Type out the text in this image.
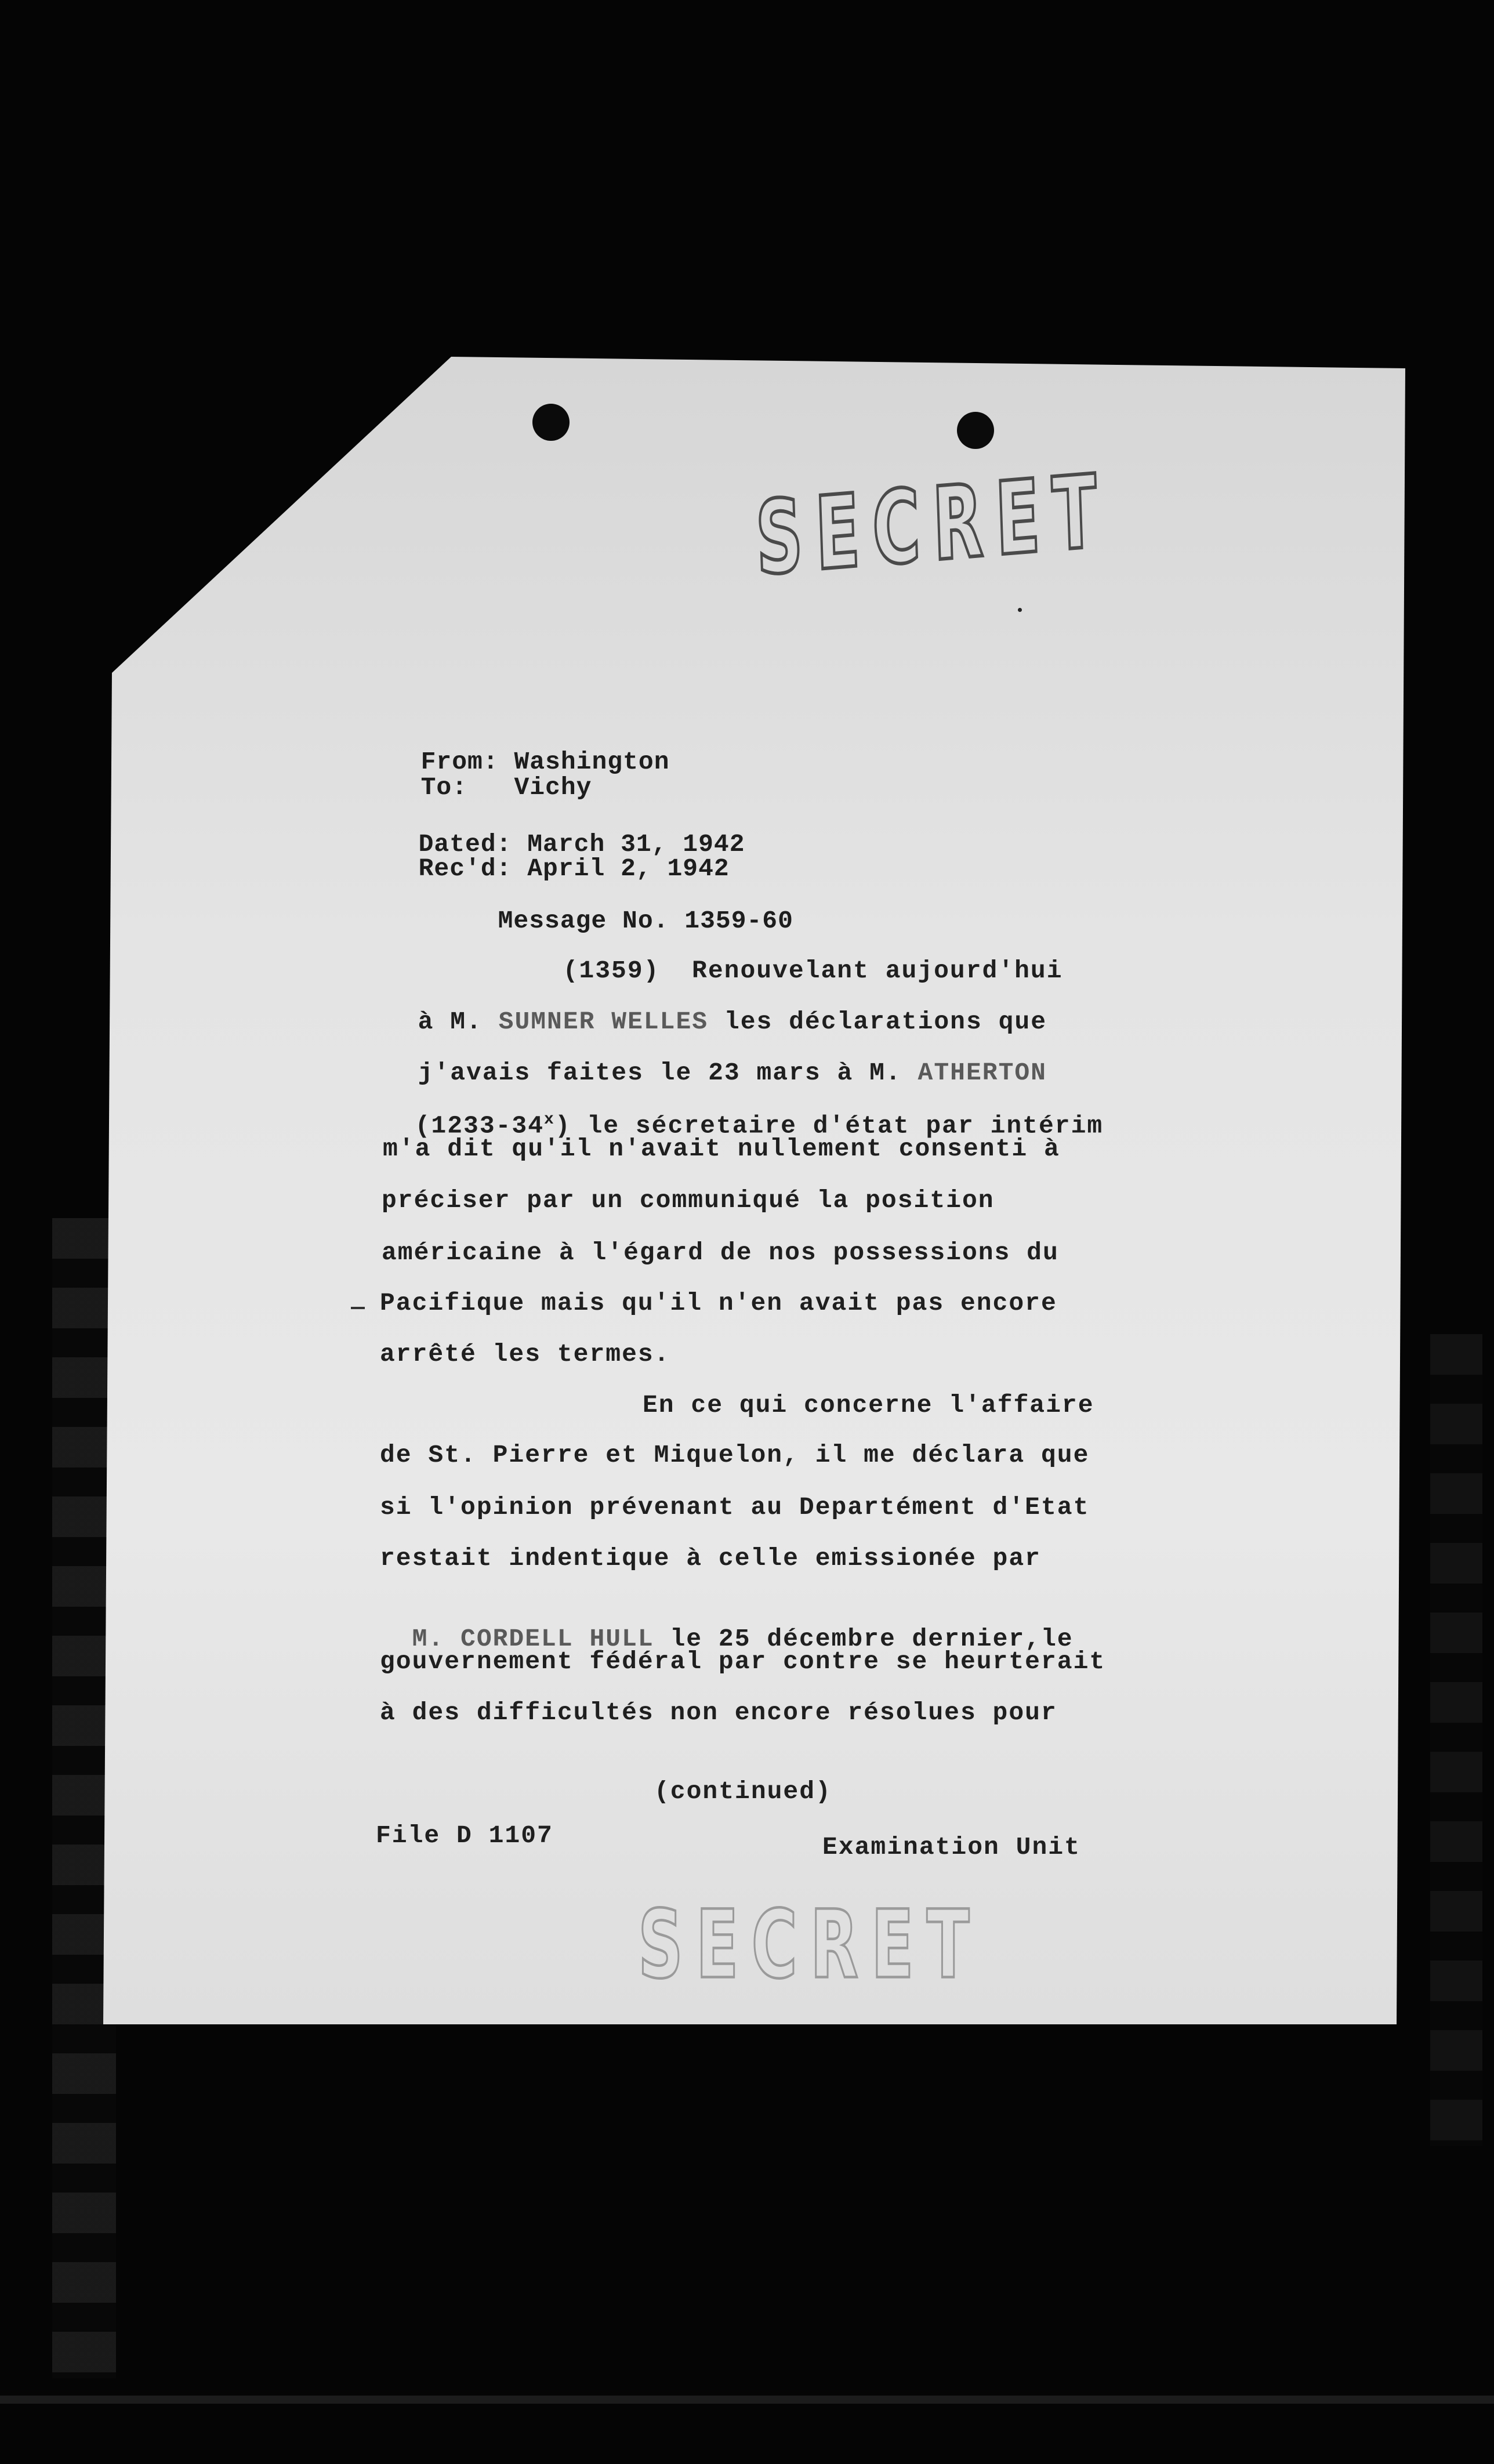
SECRET

From: Washington

To: Vichy

Dated: March 31, 1942

Rec'd: April 2, 1942

Message No. 1359-60

(1359) Renouvelant aujourd'hui

à M. SUMNER WELLES les déclarations que

j'avais faites le 23 mars à M. ATHERTON

(1233-34$^x$) le sécretaire d'état par intérim

m'a dit qu'il n'avait nullement consenti à
préciser par un communiqué la position
américaine à l'égard de nos possessions du
Pacifique mais qu'il n'en avait pas encore
arrêté les termes.
En ce qui concerne l'affaire
de St. Pierre et Miquelon, il me déclara que
si l'opinion prévenant au Departément d'Etat
restait indentique à celle emissionée par

M. CORDELL HULL le 25 décembre dernier,le

gouvernement fédéral par contre se heurterait
à des difficultés non encore résolues pour
(continued)
File D 1107	Examination Unit
SECRET
